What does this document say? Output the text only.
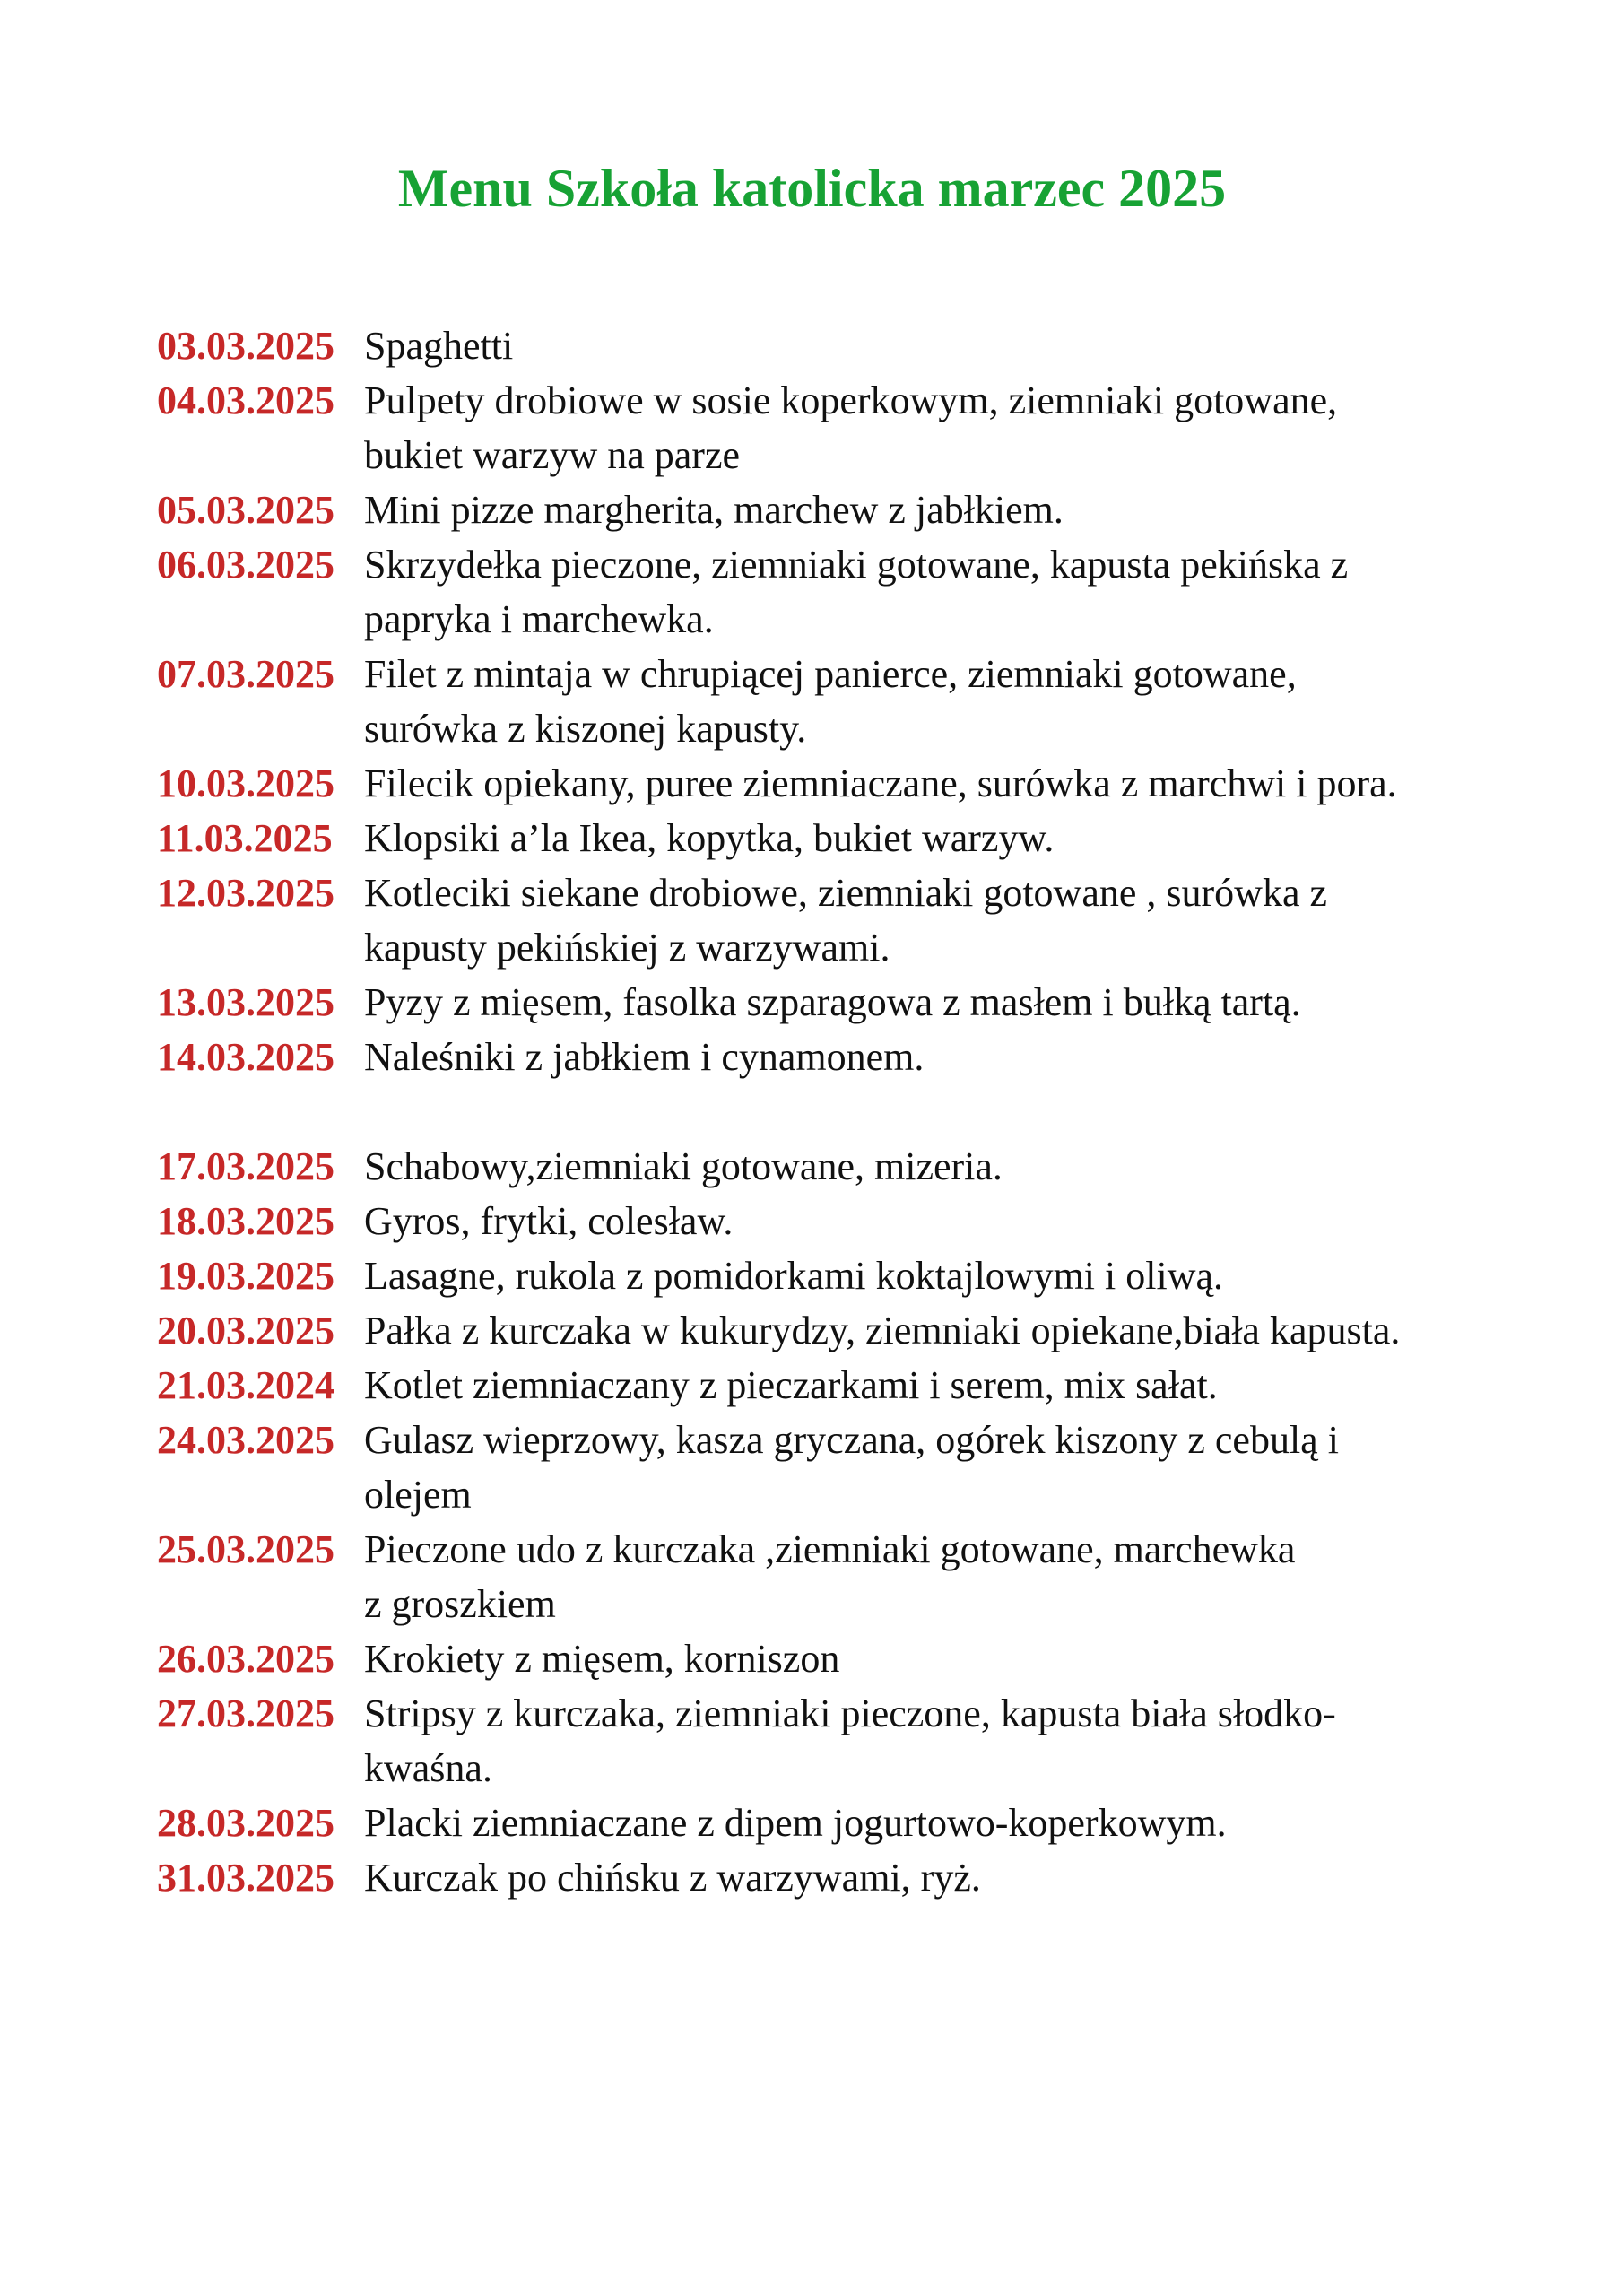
Menu Szkoła katolicka marzec 2025
03.03.2025 Spaghetti
04.03.2025 Pulpety drobiowe w sosie koperkowym, ziemniaki gotowane,
bukiet warzyw na parze
05.03.2025 Mini pizze margherita, marchew z jabłkiem.
06.03.2025 Skrzydełka pieczone, ziemniaki gotowane, kapusta pekińska z
papryka i marchewka.
07.03.2025 Filet z mintaja w chrupiącej panierce, ziemniaki gotowane,
surówka z kiszonej kapusty.
10.03.2025 Filecik opiekany, puree ziemniaczane, surówka z marchwi i pora.
11.03.2025 Klopsiki a’la Ikea, kopytka, bukiet warzyw.
12.03.2025 Kotleciki siekane drobiowe, ziemniaki gotowane , surówka z
kapusty pekińskiej z warzywami.
13.03.2025 Pyzy z mięsem, fasolka szparagowa z masłem i bułką tartą.
14.03.2025 Naleśniki z jabłkiem i cynamonem.
17.03.2025 Schabowy,ziemniaki gotowane, mizeria.
18.03.2025 Gyros, frytki, colesław.
19.03.2025 Lasagne, rukola z pomidorkami koktajlowymi i oliwą.
20.03.2025 Pałka z kurczaka w kukurydzy, ziemniaki opiekane,biała kapusta.
21.03.2024 Kotlet ziemniaczany z pieczarkami i serem, mix sałat.
24.03.2025 Gulasz wieprzowy, kasza gryczana, ogórek kiszony z cebulą i
olejem
25.03.2025 Pieczone udo z kurczaka ,ziemniaki gotowane, marchewka
z groszkiem
26.03.2025 Krokiety z mięsem, korniszon
27.03.2025 Stripsy z kurczaka, ziemniaki pieczone, kapusta biała słodko-
kwaśna.
28.03.2025 Placki ziemniaczane z dipem jogurtowo-koperkowym.
31.03.2025 Kurczak po chińsku z warzywami, ryż.
